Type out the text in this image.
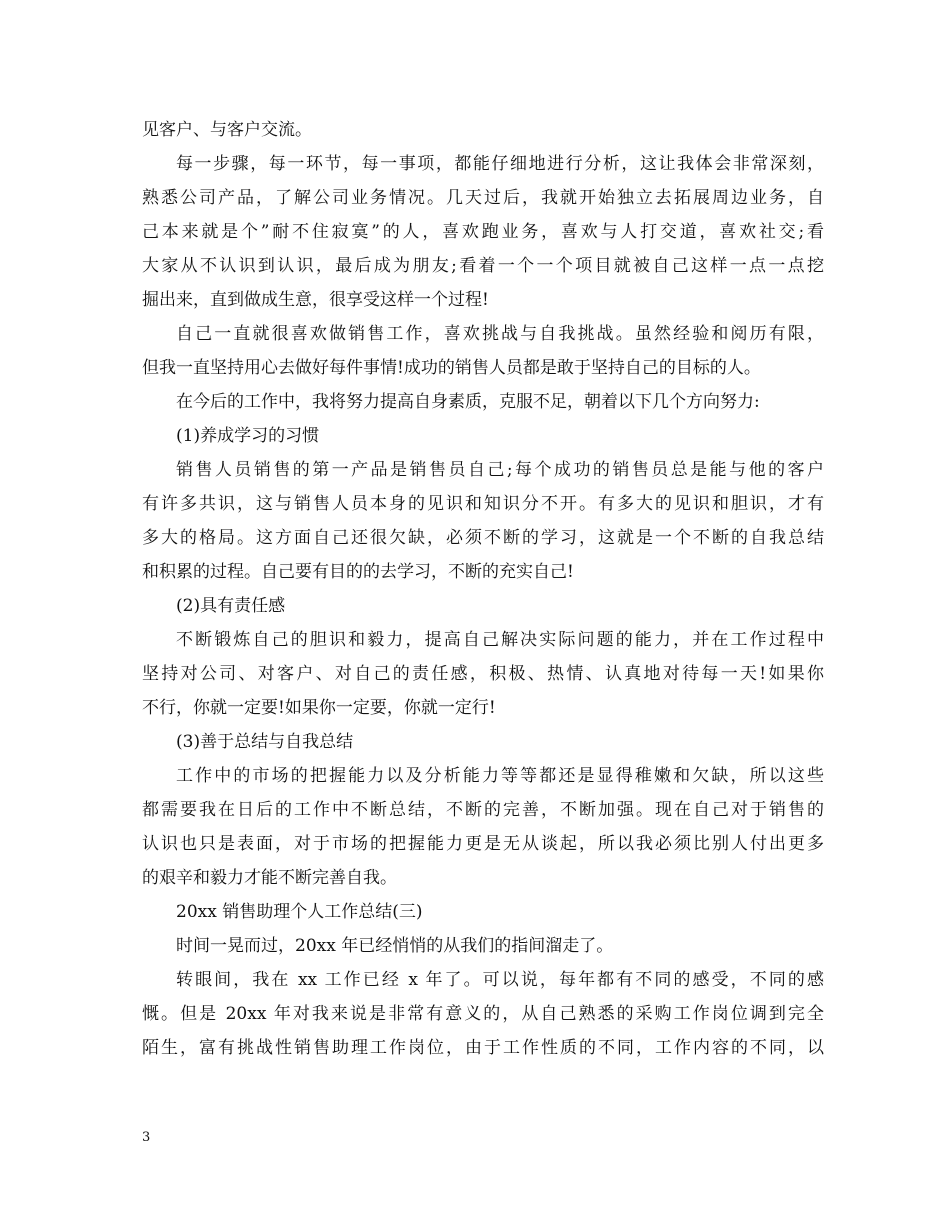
见客户、与客户交流。
每一步骤，每一环节，每一事项，都能仔细地进行分析，这让我体会非常深刻，
熟悉公司产品，了解公司业务情况。几天过后，我就开始独立去拓展周边业务，自
己本来就是个”耐不住寂寞”的人，喜欢跑业务，喜欢与人打交道，喜欢社交;看
大家从不认识到认识，最后成为朋友;看着一个一个项目就被自己这样一点一点挖
掘出来，直到做成生意，很享受这样一个过程!
自己一直就很喜欢做销售工作，喜欢挑战与自我挑战。虽然经验和阅历有限，
但我一直坚持用心去做好每件事情!成功的销售人员都是敢于坚持自己的目标的人。
在今后的工作中，我将努力提高自身素质，克服不足，朝着以下几个方向努力:
(1)养成学习的习惯
销售人员销售的第一产品是销售员自己;每个成功的销售员总是能与他的客户
有许多共识，这与销售人员本身的见识和知识分不开。有多大的见识和胆识，才有
多大的格局。这方面自己还很欠缺，必须不断的学习，这就是一个不断的自我总结
和积累的过程。自己要有目的的去学习，不断的充实自己!
(2)具有责任感
不断锻炼自己的胆识和毅力，提高自己解决实际问题的能力，并在工作过程中
坚持对公司、对客户、对自己的责任感，积极、热情、认真地对待每一天!如果你
不行，你就一定要!如果你一定要，你就一定行!
(3)善于总结与自我总结
工作中的市场的把握能力以及分析能力等等都还是显得稚嫩和欠缺，所以这些
都需要我在日后的工作中不断总结，不断的完善，不断加强。现在自己对于销售的
认识也只是表面，对于市场的把握能力更是无从谈起，所以我必须比别人付出更多
的艰辛和毅力才能不断完善自我。
20xx 销售助理个人工作总结(三)
时间一晃而过，20xx 年已经悄悄的从我们的指间溜走了。
转眼间，我在 xx 工作已经 x 年了。可以说，每年都有不同的感受，不同的感
慨。但是 20xx 年对我来说是非常有意义的，从自己熟悉的采购工作岗位调到完全
陌生，富有挑战性销售助理工作岗位，由于工作性质的不同，工作内容的不同，以
3
